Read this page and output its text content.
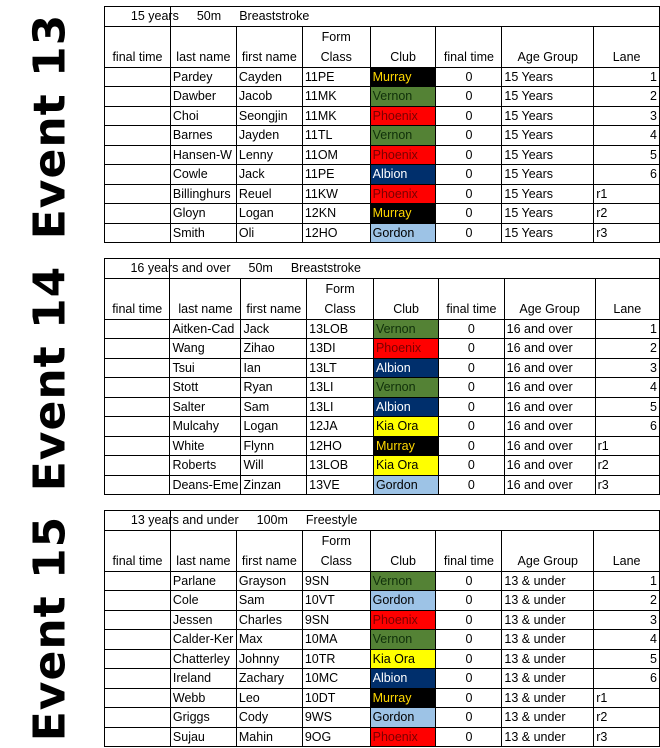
Event 13

	15 years 50m Breaststroke						

			Form				
final time	last name	first name	Class	Club	final time	Age Group	Lane
	Pardey	Cayden	11PE	Murray	0	15 Years	1
	Dawber	Jacob	11MK	Vernon	0	15 Years	2
	Choi	Seongjin	11MK	Phoenix	0	15 Years	3
	Barnes	Jayden	11TL	Vernon	0	15 Years	4
	Hansen-W	Lenny	11OM	Phoenix	0	15 Years	5
	Cowle	Jack	11PE	Albion	0	15 Years	6
	Billinghurs	Reuel	11KW	Phoenix	0	15 Years	r1
	Gloyn	Logan	12KN	Murray	0	15 Years	r2
	Smith	Oli	12HO	Gordon	0	15 Years	r3
Event 14

	16 years and over 50m Breaststroke						

			Form				
final time	last name	first name	Class	Club	final time	Age Group	Lane
	Aitken-Cad	Jack	13LOB	Vernon	0	16 and over	1
	Wang	Zihao	13DI	Phoenix	0	16 and over	2
	Tsui	Ian	13LT	Albion	0	16 and over	3
	Stott	Ryan	13LI	Vernon	0	16 and over	4
	Salter	Sam	13LI	Albion	0	16 and over	5
	Mulcahy	Logan	12JA	Kia Ora	0	16 and over	6
	White	Flynn	12HO	Murray	0	16 and over	r1
	Roberts	Will	13LOB	Kia Ora	0	16 and over	r2
	Deans-Eme	Zinzan	13VE	Gordon	0	16 and over	r3
Event 15

	13 years and under 100m Freestyle						

			Form				
final time	last name	first name	Class	Club	final time	Age Group	Lane
	Parlane	Grayson	9SN	Vernon	0	13 & under	1
	Cole	Sam	10VT	Gordon	0	13 & under	2
	Jessen	Charles	9SN	Phoenix	0	13 & under	3
	Calder-Ker	Max	10MA	Vernon	0	13 & under	4
	Chatterley	Johnny	10TR	Kia Ora	0	13 & under	5
	Ireland	Zachary	10MC	Albion	0	13 & under	6
	Webb	Leo	10DT	Murray	0	13 & under	r1
	Griggs	Cody	9WS	Gordon	0	13 & under	r2
	Sujau	Mahin	9OG	Phoenix	0	13 & under	r3
